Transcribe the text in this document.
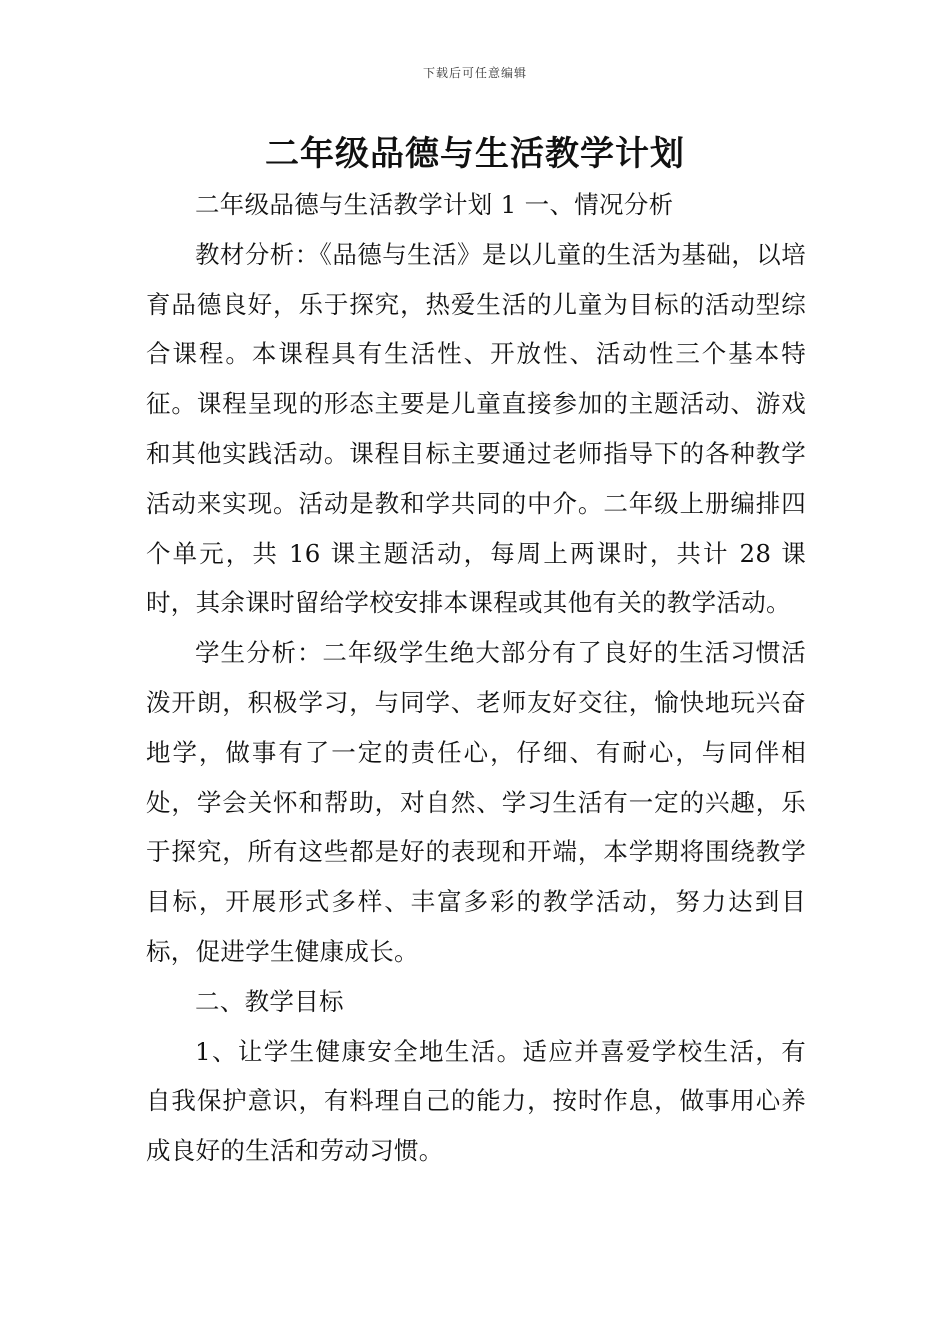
下载后可任意编辑
二年级品德与生活教学计划

二年级品德与生活教学计划 1 一、情况分析

教材分析：《品德与生活》是以儿童的生活为基础，以培育品德良好，乐于探究，热爱生活的儿童为目标的活动型综合课程。本课程具有生活性、开放性、活动性三个基本特征。课程呈现的形态主要是儿童直接参加的主题活动、游戏和其他实践活动。课程目标主要通过老师指导下的各种教学活动来实现。活动是教和学共同的中介。二年级上册编排四个单元，共 16 课主题活动，每周上两课时，共计 28 课时，其余课时留给学校安排本课程或其他有关的教学活动。

学生分析：二年级学生绝大部分有了良好的生活习惯活泼开朗，积极学习，与同学、老师友好交往，愉快地玩兴奋地学，做事有了一定的责任心，仔细、有耐心，与同伴相处，学会关怀和帮助，对自然、学习生活有一定的兴趣，乐于探究，所有这些都是好的表现和开端，本学期将围绕教学目标，开展形式多样、丰富多彩的教学活动，努力达到目标，促进学生健康成长。

二、教学目标

1、让学生健康安全地生活。适应并喜爱学校生活，有自我保护意识，有料理自己的能力，按时作息，做事用心养成良好的生活和劳动习惯。
